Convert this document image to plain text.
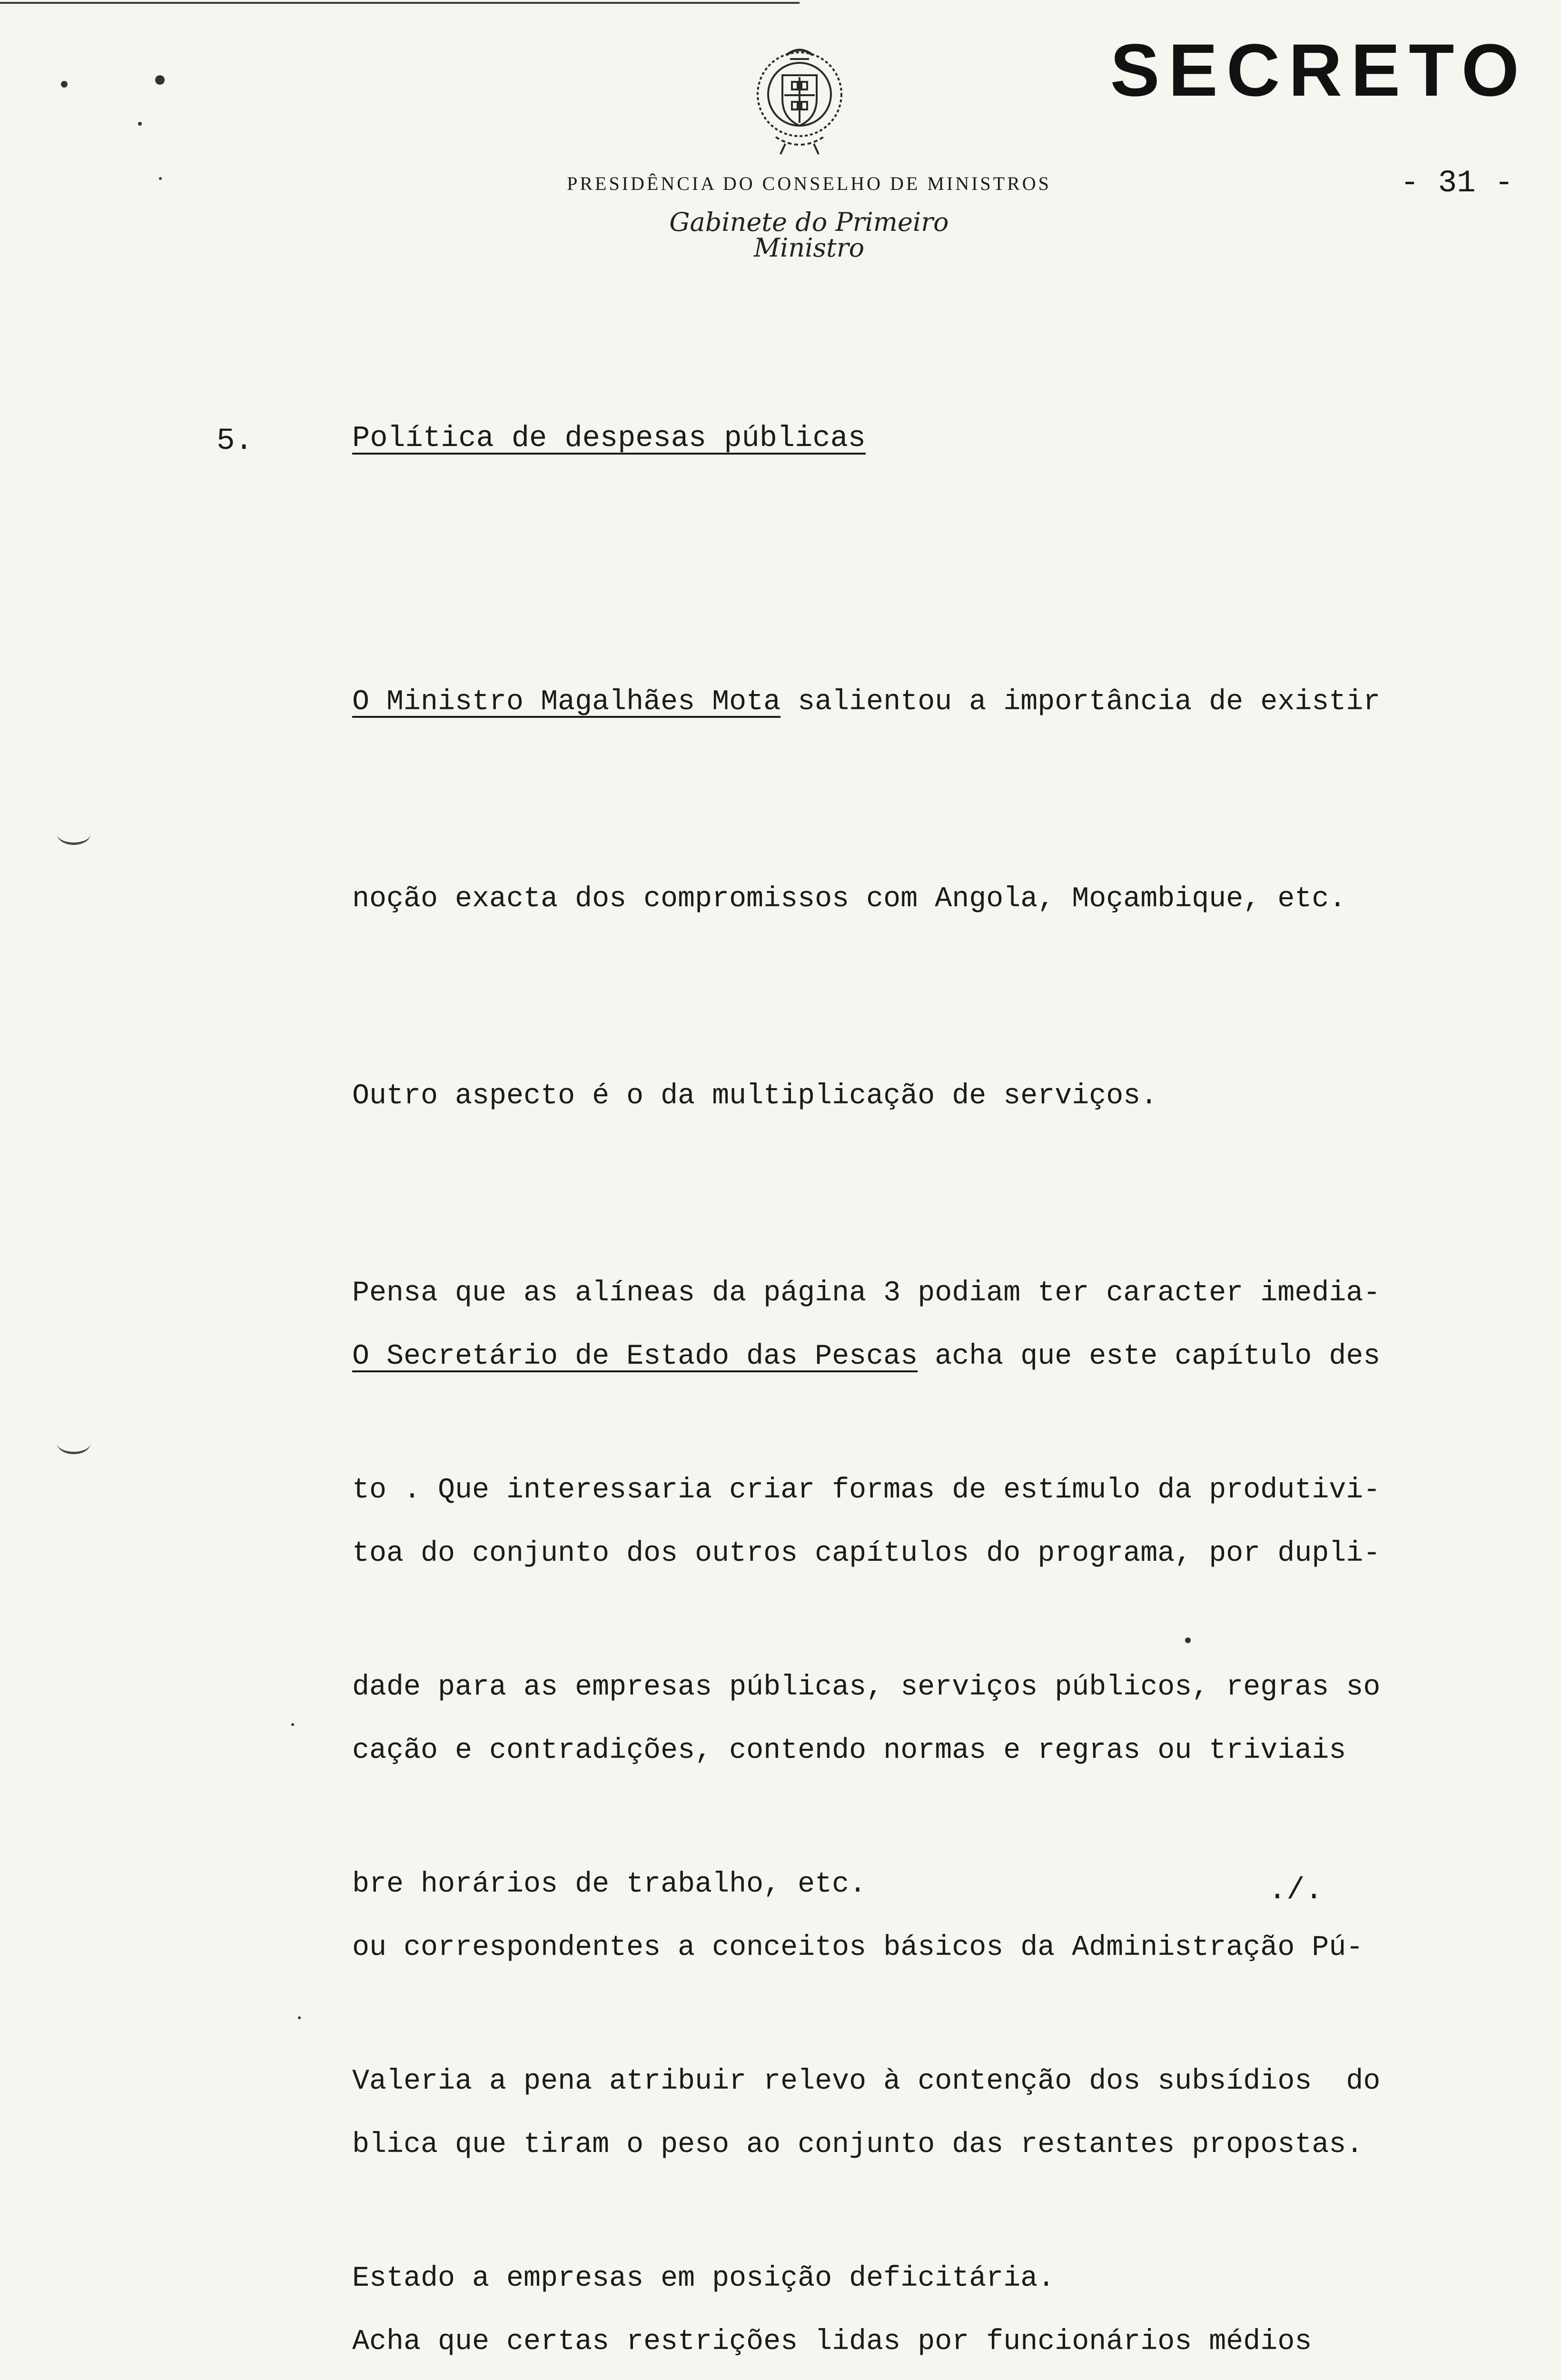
SECRETO
- 31 -
PRESIDÊNCIA DO CONSELHO DE MINISTROS
Gabinete do Primeiro Ministro
5.	Política de despesas públicas

O Ministro Magalhães Mota salientou a importância de existir

noção exacta dos compromissos com Angola, Moçambique, etc.

Outro aspecto é o da multiplicação de serviços.

Pensa que as alíneas da página 3 podiam ter caracter imedia-

to . Que interessaria criar formas de estímulo da produtivi-

dade para as empresas públicas, serviços públicos, regras so

bre horários de trabalho, etc.

Valeria a pena atribuir relevo à contenção dos subsídios  do

Estado a empresas em posição deficitária.

O Secretário de Estado das Pescas acha que este capítulo des

toa do conjunto dos outros capítulos do programa, por dupli-

cação e contradições, contendo normas e regras ou triviais

ou correspondentes a conceitos básicos da Administração Pú-

blica que tiram o peso ao conjunto das restantes propostas.

Acha que certas restrições lidas por funcionários médios

./.
